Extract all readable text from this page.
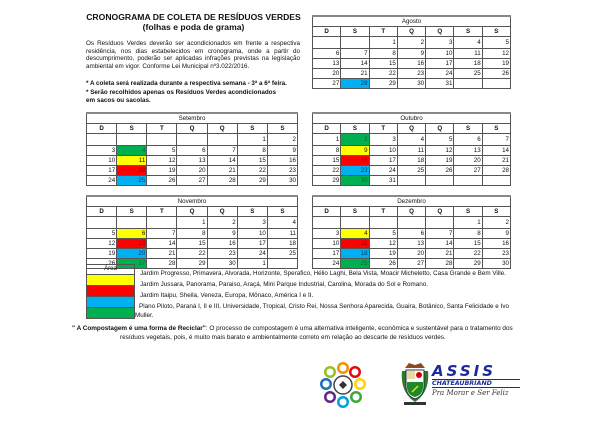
CRONOGRAMA DE COLETA DE RESÍDUOS VERDES
(folhas e poda de grama)
Os Resíduos Verdes deverão ser acondicionados em frente a respectiva residência, nos dias estabelecidos em cronograma, onde a partir do descumprimento, poderão ser aplicadas infrações previstas na legislação ambiental em vigor. Conforme Lei Municipal nº3.022/2016.
* A coleta será realizada durante a respectiva semana - 3ª a 6ª feira.
* Serão recolhidos apenas os Resíduos Verdes acondicionados
em sacos ou sacolas.
Agosto						
D	S	T	Q	Q	S	S
		1	2	3	4	5
6	7	8	9	10	11	12
13	14	15	16	17	18	19
20	21	22	23	24	25	26
27	28	29	30	31		
Setembro						
D	S	T	Q	Q	S	S
					1	2
3	4	5	6	7	8	9
10	11	12	13	14	15	16
17	18	19	20	21	22	23
24	25	26	27	28	29	30
Outubro						
D	S	T	Q	Q	S	S
1	2	3	4	5	6	7
8	9	10	11	12	13	14
15	16	17	18	19	20	21
22	23	24	25	26	27	28
29	30	31				
Novembro						
D	S	T	Q	Q	S	S
			1	2	3	4
5	6	7	8	9	10	11
12	13	14	15	16	17	18
19	20	21	22	23	24	25
26	27	28	29	30	1	
Dezembro						
D	S	T	Q	Q	S	S
					1	2
3	4	5	6	7	8	9
10	11	12	13	14	15	16
17	18	19	20	21	22	23
24	25	26	27	28	29	30
Área
Jardim Progresso, Primavera, Alvorada, Horizonte, Sperafico, Hélio Laghi, Bela Vista, Moacir Micheletto, Casa Grande e Bem Ville.
Jardim Jussara, Panorama, Paraiso, Araçá, Mini Parque Industrial, Carolina, Morada do Sol e Romano.
Jardim Itaipu, Sheila, Veneza, Europa, Mônaco, América I e II.
Plano Piloto, Paraná I, II e III, Universidade, Tropical, Cristo Rei, Nossa Senhora Aparecida, Guaira, Botânico, Santa Felicidade e Ivo
Muller.
" A Compostagem é uma forma de Reciclar": O processo de compostagem é uma alternativa inteligente, econômica e sustentável para o tratamento dos
resíduos vegetais, pois, é muito mais barato e ambientalmente correto em relação ao descarte de resíduos verdes.
ASSIS
CHATEAUBRIAND
Pra Morar e Ser Feliz
